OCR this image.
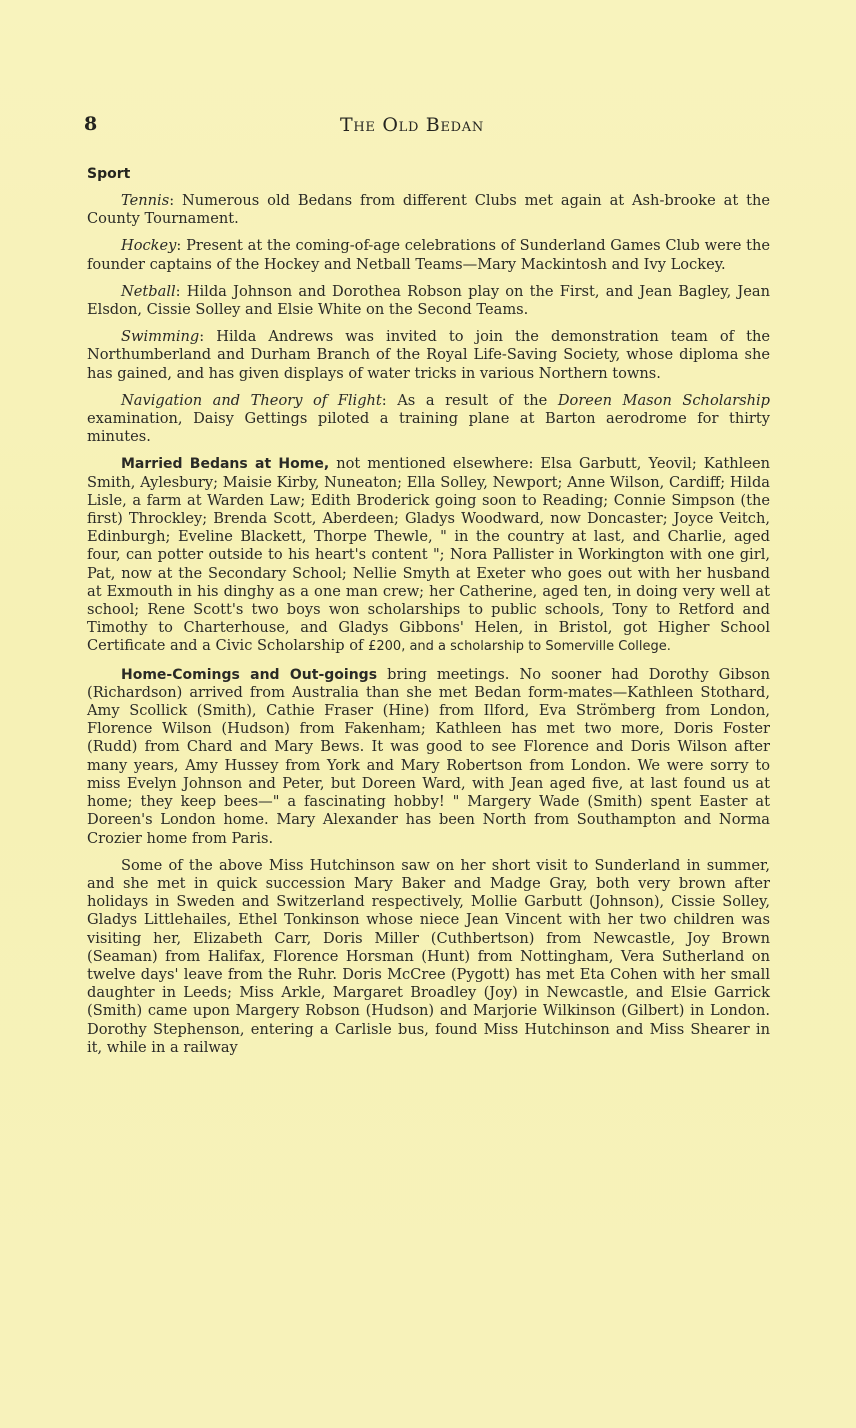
8	The Old Bedan
Sport

Tennis: Numerous old Bedans from different Clubs met again at Ash-brooke at the County Tournament.

Hockey: Present at the coming-of-age celebrations of Sunderland Games Club were the founder captains of the Hockey and Netball Teams—Mary Mackintosh and Ivy Lockey.

Netball: Hilda Johnson and Dorothea Robson play on the First, and Jean Bagley, Jean Elsdon, Cissie Solley and Elsie White on the Second Teams.

Swimming: Hilda Andrews was invited to join the demonstration team of the Northumberland and Durham Branch of the Royal Life-Saving Society, whose diploma she has gained, and has given displays of water tricks in various Northern towns.

Navigation and Theory of Flight: As a result of the Doreen Mason Scholarship examination, Daisy Gettings piloted a training plane at Barton aerodrome for thirty minutes.

Married Bedans at Home, not mentioned elsewhere: Elsa Garbutt, Yeovil; Kathleen Smith, Aylesbury; Maisie Kirby, Nuneaton; Ella Solley, Newport; Anne Wilson, Cardiff; Hilda Lisle, a farm at Warden Law; Edith Broderick going soon to Reading; Connie Simpson (the first) Throckley; Brenda Scott, Aberdeen; Gladys Woodward, now Doncaster; Joyce Veitch, Edinburgh; Eveline Blackett, Thorpe Thewle, " in the country at last, and Charlie, aged four, can potter outside to his heart's content "; Nora Pallister in Workington with one girl, Pat, now at the Secondary School; Nellie Smyth at Exeter who goes out with her husband at Exmouth in his dinghy as a one man crew; her Catherine, aged ten, in doing very well at school; Rene Scott's two boys won scholarships to public schools, Tony to Retford and Timothy to Charterhouse, and Gladys Gibbons' Helen, in Bristol, got Higher School Certificate and a Civic Scholarship of £200, and a scholarship to Somerville College.

Home-Comings and Out-goings bring meetings. No sooner had Dorothy Gibson (Richardson) arrived from Australia than she met Bedan form-mates—Kathleen Stothard, Amy Scollick (Smith), Cathie Fraser (Hine) from Ilford, Eva Strömberg from London, Florence Wilson (Hudson) from Fakenham; Kathleen has met two more, Doris Foster (Rudd) from Chard and Mary Bews. It was good to see Florence and Doris Wilson after many years, Amy Hussey from York and Mary Robertson from London. We were sorry to miss Evelyn Johnson and Peter, but Doreen Ward, with Jean aged five, at last found us at home; they keep bees—" a fascinating hobby! " Margery Wade (Smith) spent Easter at Doreen's London home. Mary Alexander has been North from Southampton and Norma Crozier home from Paris.

Some of the above Miss Hutchinson saw on her short visit to Sunderland in summer, and she met in quick succession Mary Baker and Madge Gray, both very brown after holidays in Sweden and Switzerland respectively, Mollie Garbutt (Johnson), Cissie Solley, Gladys Littlehailes, Ethel Tonkinson whose niece Jean Vincent with her two children was visiting her, Elizabeth Carr, Doris Miller (Cuthbertson) from Newcastle, Joy Brown (Seaman) from Halifax, Florence Horsman (Hunt) from Nottingham, Vera Sutherland on twelve days' leave from the Ruhr. Doris McCree (Pygott) has met Eta Cohen with her small daughter in Leeds; Miss Arkle, Margaret Broadley (Joy) in Newcastle, and Elsie Garrick (Smith) came upon Margery Robson (Hudson) and Marjorie Wilkinson (Gilbert) in London. Dorothy Stephenson, entering a Carlisle bus, found Miss Hutchinson and Miss Shearer in it, while in a railway
